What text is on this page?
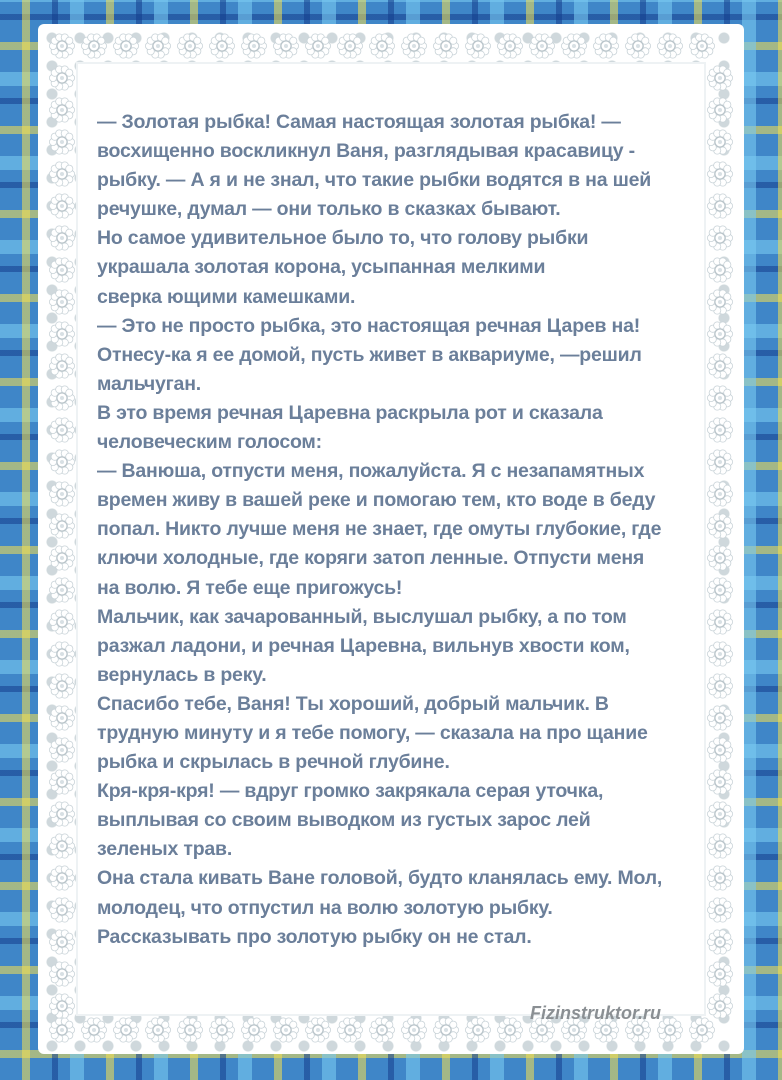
— Золотая рыбка! Самая настоящая золотая рыбка! —
восхищенно воскликнул Ваня, разглядывая красавицу -
рыбку. — А я и не знал, что такие рыбки водятся в на шей
речушке, думал — они только в сказках бывают.
Но самое удивительное было то, что голову рыбки
украшала золотая корона, усыпанная мелкими
сверка ющими камешками.
— Это не просто рыбка, это настоящая речная Царев на!
Отнесу-ка я ее домой, пусть живет в аквариуме, —решил
мальчуган.
В это время речная Царевна раскрыла рот и сказала
человеческим голосом:
— Ванюша, отпусти меня, пожалуйста. Я с незапамятных
времен живу в вашей реке и помогаю тем, кто воде в беду
попал. Никто лучше меня не знает, где омуты глубокие, где
ключи холодные, где коряги затоп ленные. Отпусти меня
на волю. Я тебе еще пригожусь!
Мальчик, как зачарованный, выслушал рыбку, а по том
разжал ладони, и речная Царевна, вильнув хвости ком,
вернулась в реку.
Спасибо тебе, Ваня! Ты хороший, добрый мальчик. В
трудную минуту и я тебе помогу, — сказала на про щание
рыбка и скрылась в речной глубине.
Кря-кря-кря! — вдруг громко закрякала серая уточка,
выплывая со своим выводком из густых зарос лей
зеленых трав.
Она стала кивать Ване головой, будто кланялась ему. Мол,
молодец, что отпустил на волю золотую рыбку.
Рассказывать про золотую рыбку он не стал.
Fizinstruktor.ru
